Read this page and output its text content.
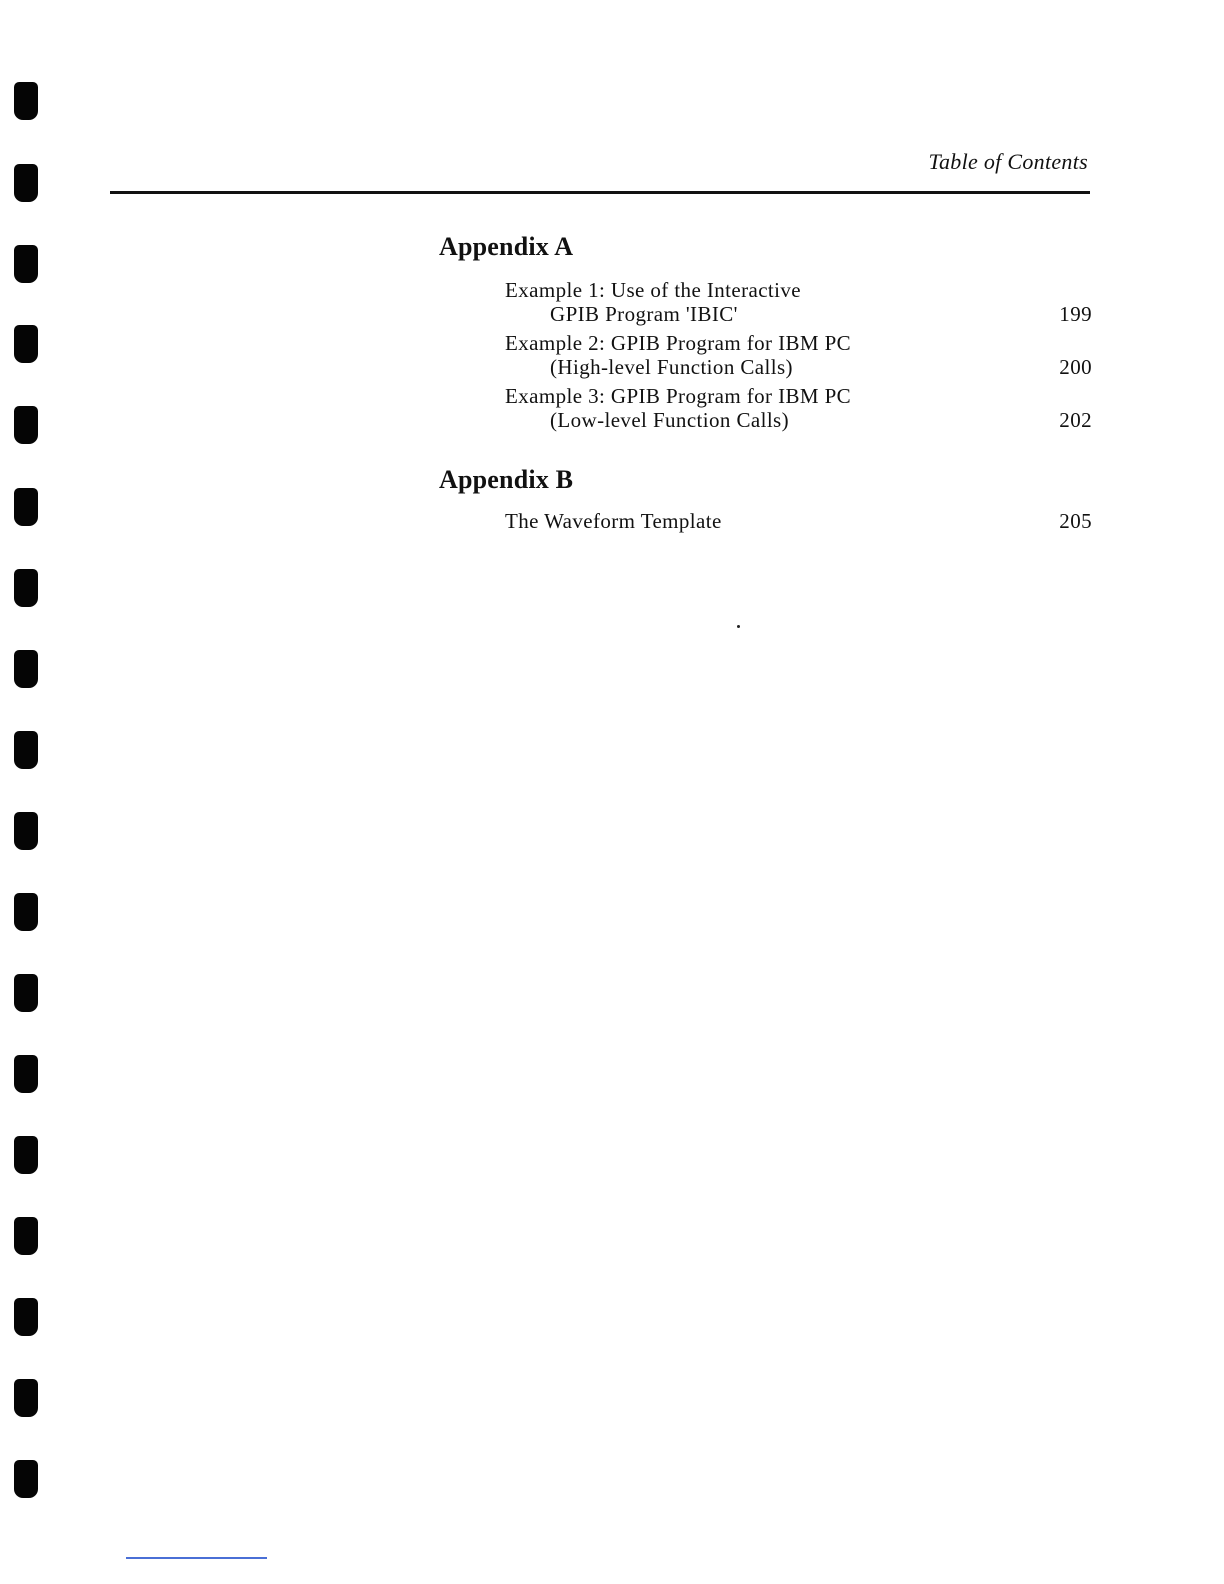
Table of Contents
Appendix A
Example 1: Use of the Interactive
GPIB Program 'IBIC'	199
Example 2: GPIB Program for IBM PC
(High-level Function Calls)	200
Example 3: GPIB Program for IBM PC
(Low-level Function Calls)	202
Appendix B
The Waveform Template	205
